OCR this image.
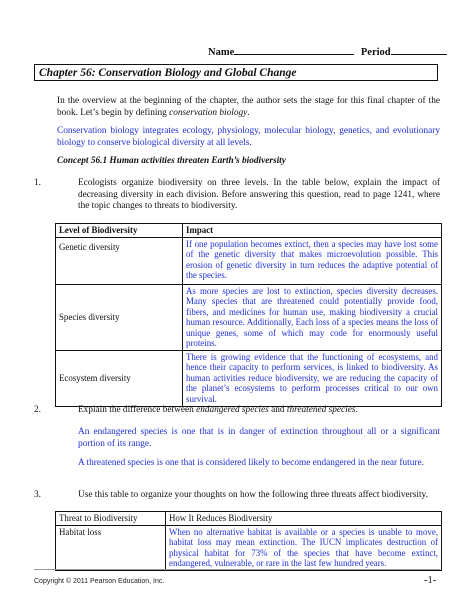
Name	Period
Chapter 56: Conservation Biology and Global Change
In the overview at the beginning of the chapter, the author sets the stage for this final chapter of the book. Let’s begin by defining conservation biology.
Conservation biology integrates ecology, physiology, molecular biology, genetics, and evolutionary biology to conserve biological diversity at all levels.
Concept 56.1 Human activities threaten Earth’s biodiversity
1.	Ecologists organize biodiversity on three levels. In the table below, explain the impact of decreasing diversity in each division. Before answering this question, read to page 1241, where the topic changes to threats to biodiversity.
Level of Biodiversity	Impact
Genetic diversity	If one population becomes extinct, then a species may have lost some of the genetic diversity that makes microevolution possible. This erosion of genetic diversity in turn reduces the adaptive potential of the species.
Species diversity	As more species are lost to extinction, species diversity decreases. Many species that are threatened could potentially provide food, fibers, and medicines for human use, making biodiversity a crucial human resource. Additionally, Each loss of a species means the loss of unique genes, some of which may code for enormously useful proteins.
Ecosystem diversity	There is growing evidence that the functioning of ecosystems, and hence their capacity to perform services, is linked to biodiversity. As human activities reduce biodiversity, we are reducing the capacity of the planet’s ecosystems to perform processes critical to our own survival.
2.	Explain the difference between endangered species and threatened species.
An endangered species is one that is in danger of extinction throughout all or a significant portion of its range.
A threatened species is one that is considered likely to become endangered in the near future.
3.	Use this table to organize your thoughts on how the following three threats affect biodiversity.
Threat to Biodiversity	How It Reduces Biodiversity
Habitat loss	When no alternative habitat is available or a species is unable to move, habitat loss may mean extinction. The IUCN implicates destruction of physical habitat for 73% of the species that have become extinct, endangered, vulnerable, or rare in the last few hundred years.
Copyright © 2011 Pearson Education, Inc.	-1-
